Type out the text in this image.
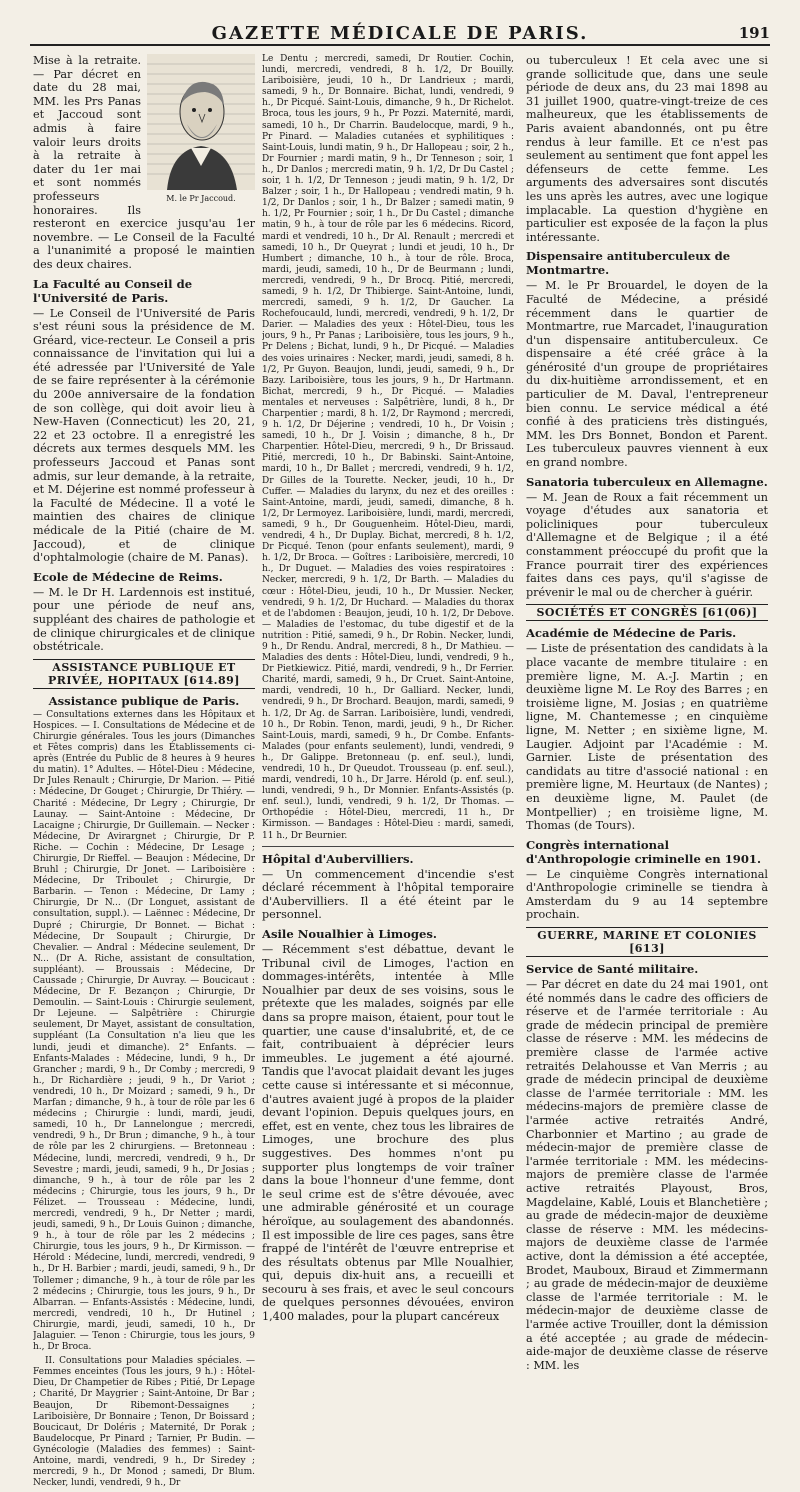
GAZETTE MÉDICALE DE PARIS.	191
M. le Pr Jaccoud.

Mise à la retraite. — Par décret en date du 28 mai, MM. les Prs Panas et Jaccoud sont admis à faire valoir leurs droits à la retraite à dater du 1er mai et sont nommés professeurs honoraires. Ils resteront en exercice jusqu'au 1er novembre. — Le Conseil de la Faculté a l'unanimité a proposé le maintien des deux chaires.

La Faculté au Conseil de l'Université de Paris.

— Le Conseil de l'Université de Paris s'est réuni sous la présidence de M. Gréard, vice-recteur. Le Conseil a pris connaissance de l'invitation qui lui a été adressée par l'Université de Yale de se faire représenter à la cérémonie du 200e anniversaire de la fondation de son collège, qui doit avoir lieu à New-Haven (Connecticut) les 20, 21, 22 et 23 octobre. Il a enregistré les décrets aux termes desquels MM. les professeurs Jaccoud et Panas sont admis, sur leur demande, à la retraite, et M. Déjerine est nommé professeur à la Faculté de Médecine. Il a voté le maintien des chaires de clinique médicale de la Pitié (chaire de M. Jaccoud), et de clinique d'ophtalmologie (chaire de M. Panas).

Ecole de Médecine de Reims.

— M. le Dr H. Lardennois est institué, pour une période de neuf ans, suppléant des chaires de pathologie et de clinique chirurgicales et de clinique obstétricale.

ASSISTANCE PUBLIQUE ET PRIVÉE, HOPITAUX [614.89]
Assistance publique de Paris.

— Consultations externes dans les Hôpitaux et Hospices. — I. Consultations de Médecine et de Chirurgie générales. Tous les jours (Dimanches et Fêtes compris) dans les Établissements ci-après (Entrée du Public de 8 heures à 9 heures du matin). 1° Adultes. — Hôtel-Dieu : Médecine, Dr Jules Renault ; Chirurgie, Dr Marion. — Pitié : Médecine, Dr Gouget ; Chirurgie, Dr Thiéry. — Charité : Médecine, Dr Legry ; Chirurgie, Dr Launay. — Saint-Antoine : Médecine, Dr Lacaigne ; Chirurgie, Dr Guillemain. — Necker : Médecine, Dr Avirargnet ; Chirurgie, Dr P. Riche. — Cochin : Médecine, Dr Lesage ; Chirurgie, Dr Rieffel. — Beaujon : Médecine, Dr Bruhl ; Chirurgie, Dr Jonet. — Lariboisière : Médecine, Dr Triboulet ; Chirurgie, Dr Barbarin. — Tenon : Médecine, Dr Lamy ; Chirurgie, Dr N... (Dr Longuet, assistant de consultation, suppl.). — Laënnec : Médecine, Dr Dupré ; Chirurgie, Dr Bonnet. — Bichat : Médecine, Dr Soupault ; Chirurgie, Dr Chevalier. — Andral : Médecine seulement, Dr N... (Dr A. Riche, assistant de consultation, suppléant). — Broussais : Médecine, Dr Caussade ; Chirurgie, Dr Auvray. — Boucicaut : Médecine, Dr F. Bezançon ; Chirurgie, Dr Demoulin. — Saint-Louis : Chirurgie seulement, Dr Lejeune. — Salpêtrière : Chirurgie seulement, Dr Mayet, assistant de consultation, suppléant (La Consultation n'a lieu que les lundi, jeudi et dimanche). 2° Enfants. — Enfants-Malades : Médecine, lundi, 9 h., Dr Grancher ; mardi, 9 h., Dr Comby ; mercredi, 9 h., Dr Richardière ; jeudi, 9 h., Dr Variot ; vendredi, 10 h., Dr Moizard ; samedi, 9 h., Dr Marfan ; dimanche, 9 h., à tour de rôle par les 6 médecins ; Chirurgie : lundi, mardi, jeudi, samedi, 10 h., Dr Lannelongue ; mercredi, vendredi, 9 h., Dr Brun ; dimanche, 9 h., à tour de rôle par les 2 chirurgiens. — Bretonneau : Médecine, lundi, mercredi, vendredi, 9 h., Dr Sevestre ; mardi, jeudi, samedi, 9 h., Dr Josias ; dimanche, 9 h., à tour de rôle par les 2 médecins ; Chirurgie, tous les jours, 9 h., Dr Félizet. — Trousseau : Médecine, lundi, mercredi, vendredi, 9 h., Dr Netter ; mardi, jeudi, samedi, 9 h., Dr Louis Guinon ; dimanche, 9 h., à tour de rôle par les 2 médecins ; Chirurgie, tous les jours, 9 h., Dr Kirmisson. — Hérold : Médecine, lundi, mercredi, vendredi, 9 h., Dr H. Barbier ; mardi, jeudi, samedi, 9 h., Dr Tollemer ; dimanche, 9 h., à tour de rôle par les 2 médecins ; Chirurgie, tous les jours, 9 h., Dr Albarran. — Enfants-Assistés : Médecine, lundi, mercredi, vendredi, 10 h., Dr Hutinel ; Chirurgie, mardi, jeudi, samedi, 10 h., Dr Jalaguier. — Tenon : Chirurgie, tous les jours, 9 h., Dr Broca.

II. Consultations pour Maladies spéciales. — Femmes enceintes (Tous les jours, 9 h.) : Hôtel-Dieu, Dr Champetier de Ribes ; Pitié, Dr Lepage ; Charité, Dr Maygrier ; Saint-Antoine, Dr Bar ; Beaujon, Dr Ribemont-Dessaignes ; Lariboisière, Dr Bonnaire ; Tenon, Dr Boissard ; Boucicaut, Dr Doléris ; Maternité, Dr Porak ; Baudelocque, Pr Pinard ; Tarnier, Pr Budin. — Gynécologie (Maladies des femmes) : Saint-Antoine, mardi, vendredi, 9 h., Dr Siredey ; mercredi, 9 h., Dr Monod ; samedi, Dr Blum. Necker, lundi, vendredi, 9 h., Dr

Le Dentu ; mercredi, samedi, Dr Routier. Cochin, lundi, mercredi, vendredi, 8 h. 1/2, Dr Bouilly. Lariboisière, jeudi, 10 h., Dr Landrieux ; mardi, samedi, 9 h., Dr Bonnaire. Bichat, lundi, vendredi, 9 h., Dr Picqué. Saint-Louis, dimanche, 9 h., Dr Richelot. Broca, tous les jours, 9 h., Pr Pozzi. Maternité, mardi, samedi, 10 h., Dr Charrin. Baudelocque, mardi, 9 h., Pr Pinard. — Maladies cutanées et syphilitiques : Saint-Louis, lundi matin, 9 h., Dr Hallopeau ; soir, 2 h., Dr Fournier ; mardi matin, 9 h., Dr Tenneson ; soir, 1 h., Dr Danlos ; mercredi matin, 9 h. 1/2, Dr Du Castel ; soir, 1 h. 1/2, Dr Tenneson ; jeudi matin, 9 h. 1/2, Dr Balzer ; soir, 1 h., Dr Hallopeau ; vendredi matin, 9 h. 1/2, Dr Danlos ; soir, 1 h., Dr Balzer ; samedi matin, 9 h. 1/2, Pr Fournier ; soir, 1 h., Dr Du Castel ; dimanche matin, 9 h., à tour de rôle par les 6 médecins. Ricord, mardi et vendredi, 10 h., Dr Al. Renault ; mercredi et samedi, 10 h., Dr Queyrat ; lundi et jeudi, 10 h., Dr Humbert ; dimanche, 10 h., à tour de rôle. Broca, mardi, jeudi, samedi, 10 h., Dr de Beurmann ; lundi, mercredi, vendredi, 9 h., Dr Brocq. Pitié, mercredi, samedi, 9 h. 1/2, Dr Thibierge. Saint-Antoine, lundi, mercredi, samedi, 9 h. 1/2, Dr Gaucher. La Rochefoucauld, lundi, mercredi, vendredi, 9 h. 1/2, Dr Darier. — Maladies des yeux : Hôtel-Dieu, tous les jours, 9 h., Pr Panas ; Lariboisière, tous les jours, 9 h., Pr Delens ; Bichat, lundi, 9 h., Dr Picqué. — Maladies des voies urinaires : Necker, mardi, jeudi, samedi, 8 h. 1/2, Pr Guyon. Beaujon, lundi, jeudi, samedi, 9 h., Dr Bazy. Lariboisière, tous les jours, 9 h., Dr Hartmann. Bichat, mercredi, 9 h., Dr Picqué. — Maladies mentales et nerveuses : Salpêtrière, lundi, 8 h., Dr Charpentier ; mardi, 8 h. 1/2, Dr Raymond ; mercredi, 9 h. 1/2, Dr Déjerine ; vendredi, 10 h., Dr Voisin ; samedi, 10 h., Dr J. Voisin ; dimanche, 8 h., Dr Charpentier. Hôtel-Dieu, mercredi, 9 h., Dr Brissaud. Pitié, mercredi, 10 h., Dr Babinski. Saint-Antoine, mardi, 10 h., Dr Ballet ; mercredi, vendredi, 9 h. 1/2, Dr Gilles de la Tourette. Necker, jeudi, 10 h., Dr Cuffer. — Maladies du larynx, du nez et des oreilles : Saint-Antoine, mardi, jeudi, samedi, dimanche, 8 h. 1/2, Dr Lermoyez. Lariboisière, lundi, mardi, mercredi, samedi, 9 h., Dr Gouguenheim. Hôtel-Dieu, mardi, vendredi, 4 h., Dr Duplay. Bichat, mercredi, 8 h. 1/2, Dr Picqué. Tenon (pour enfants seulement), mardi, 9 h. 1/2, Dr Broca. — Goîtres : Lariboisière, mercredi, 10 h., Dr Duguet. — Maladies des voies respiratoires : Necker, mercredi, 9 h. 1/2, Dr Barth. — Maladies du cœur : Hôtel-Dieu, jeudi, 10 h., Dr Mussier. Necker, vendredi, 9 h. 1/2, Dr Huchard. — Maladies du thorax et de l'abdomen : Beaujon, jeudi, 10 h. 1/2, Dr Debove. — Maladies de l'estomac, du tube digestif et de la nutrition : Pitié, samedi, 9 h., Dr Robin. Necker, lundi, 9 h., Dr Rendu. Andral, mercredi, 8 h., Dr Mathieu. — Maladies des dents : Hôtel-Dieu, lundi, vendredi, 9 h., Dr Pietkiewicz. Pitié, mardi, vendredi, 9 h., Dr Ferrier. Charité, mardi, samedi, 9 h., Dr Cruet. Saint-Antoine, mardi, vendredi, 10 h., Dr Galliard. Necker, lundi, vendredi, 9 h., Dr Brochard. Beaujon, mardi, samedi, 9 h. 1/2, Dr Ag. de Sarran. Lariboisière, lundi, vendredi, 10 h., Dr Robin. Tenon, mardi, jeudi, 9 h., Dr Richer. Saint-Louis, mardi, samedi, 9 h., Dr Combe. Enfants-Malades (pour enfants seulement), lundi, vendredi, 9 h., Dr Galippe. Bretonneau (p. enf. seul.), lundi, vendredi, 10 h., Dr Queudot. Trousseau (p. enf. seul.), mardi, vendredi, 10 h., Dr Jarre. Hérold (p. enf. seul.), lundi, vendredi, 9 h., Dr Monnier. Enfants-Assistés (p. enf. seul.), lundi, vendredi, 9 h. 1/2, Dr Thomas. — Orthopédie : Hôtel-Dieu, mercredi, 11 h., Dr Kirmisson. — Bandages : Hôtel-Dieu : mardi, samedi, 11 h., Dr Beurnier.

Hôpital d'Aubervilliers.

— Un commencement d'incendie s'est déclaré récemment à l'hôpital temporaire d'Aubervilliers. Il a été éteint par le personnel.

Asile Noualhier à Limoges.

— Récemment s'est débattue, devant le Tribunal civil de Limoges, l'action en dommages-intérêts, intentée à Mlle Noualhier par deux de ses voisins, sous le prétexte que les malades, soignés par elle dans sa propre maison, étaient, pour tout le quartier, une cause d'insalubrité, et, de ce fait, contribuaient à déprécier leurs immeubles. Le jugement a été ajourné. Tandis que l'avocat plaidait devant les juges cette cause si intéressante et si méconnue, d'autres avaient jugé à propos de la plaider devant l'opinion. Depuis quelques jours, en effet, est en vente, chez tous les libraires de Limoges, une brochure des plus suggestives. Des hommes n'ont pu supporter plus longtemps de voir traîner dans la boue l'honneur d'une femme, dont le seul crime est de s'être dévouée, avec une admirable générosité et un courage héroïque, au soulagement des abandonnés. Il est impossible de lire ces pages, sans être frappé de l'intérêt de l'œuvre entreprise et des résultats obtenus par Mlle Noualhier, qui, depuis dix-huit ans, a recueilli et secouru à ses frais, et avec le seul concours de quelques personnes dévouées, environ 1,400 malades, pour la plupart cancéreux

ou tuberculeux ! Et cela avec une si grande sollicitude que, dans une seule période de deux ans, du 23 mai 1898 au 31 juillet 1900, quatre-vingt-treize de ces malheureux, que les établissements de Paris avaient abandonnés, ont pu être rendus à leur famille. Et ce n'est pas seulement au sentiment que font appel les défenseurs de cette femme. Les arguments des adversaires sont discutés les uns après les autres, avec une logique implacable. La question d'hygiène en particulier est exposée de la façon la plus intéressante.

Dispensaire antituberculeux de Montmartre.

— M. le Pr Brouardel, le doyen de la Faculté de Médecine, a présidé récemment dans le quartier de Montmartre, rue Marcadet, l'inauguration d'un dispensaire antituberculeux. Ce dispensaire a été créé grâce à la générosité d'un groupe de propriétaires du dix-huitième arrondissement, et en particulier de M. Daval, l'entrepreneur bien connu. Le service médical a été confié à des praticiens très distingués, MM. les Drs Bonnet, Bondon et Parent. Les tuberculeux pauvres viennent à eux en grand nombre.

Sanatoria tuberculeux en Allemagne.

— M. Jean de Roux a fait récemment un voyage d'études aux sanatoria et policliniques pour tuberculeux d'Allemagne et de Belgique ; il a été constamment préoccupé du profit que la France pourrait tirer des expériences faites dans ces pays, qu'il s'agisse de prévenir le mal ou de chercher à guérir.

SOCIÉTÉS ET CONGRÈS [61(06)]
Académie de Médecine de Paris.

— Liste de présentation des candidats à la place vacante de membre titulaire : en première ligne, M. A.-J. Martin ; en deuxième ligne M. Le Roy des Barres ; en troisième ligne, M. Josias ; en quatrième ligne, M. Chantemesse ; en cinquième ligne, M. Netter ; en sixième ligne, M. Laugier. Adjoint par l'Académie : M. Garnier. Liste de présentation des candidats au titre d'associé national : en première ligne, M. Heurtaux (de Nantes) ; en deuxième ligne, M. Paulet (de Montpellier) ; en troisième ligne, M. Thomas (de Tours).

Congrès international d'Anthropologie criminelle en 1901.

— Le cinquième Congrès international d'Anthropologie criminelle se tiendra à Amsterdam du 9 au 14 septembre prochain.

GUERRE, MARINE ET COLONIES [613]
Service de Santé militaire.

— Par décret en date du 24 mai 1901, ont été nommés dans le cadre des officiers de réserve et de l'armée territoriale : Au grade de médecin principal de première classe de réserve : MM. les médecins de première classe de l'armée active retraités Delahousse et Van Merris ; au grade de médecin principal de deuxième classe de l'armée territoriale : MM. les médecins-majors de première classe de l'armée active retraités André, Charbonnier et Martino ; au grade de médecin-major de première classe de l'armée territoriale : MM. les médecins-majors de première classe de l'armée active retraités Playoust, Bros, Magdelaine, Kablé, Louis et Blanchetière ; au grade de médecin-major de deuxième classe de réserve : MM. les médecins-majors de deuxième classe de l'armée active, dont la démission a été acceptée, Brodet, Mauboux, Biraud et Zimmermann ; au grade de médecin-major de deuxième classe de l'armée territoriale : M. le médecin-major de deuxième classe de l'armée active Trouiller, dont la démission a été acceptée ; au grade de médecin-aide-major de deuxième classe de réserve : MM. les
